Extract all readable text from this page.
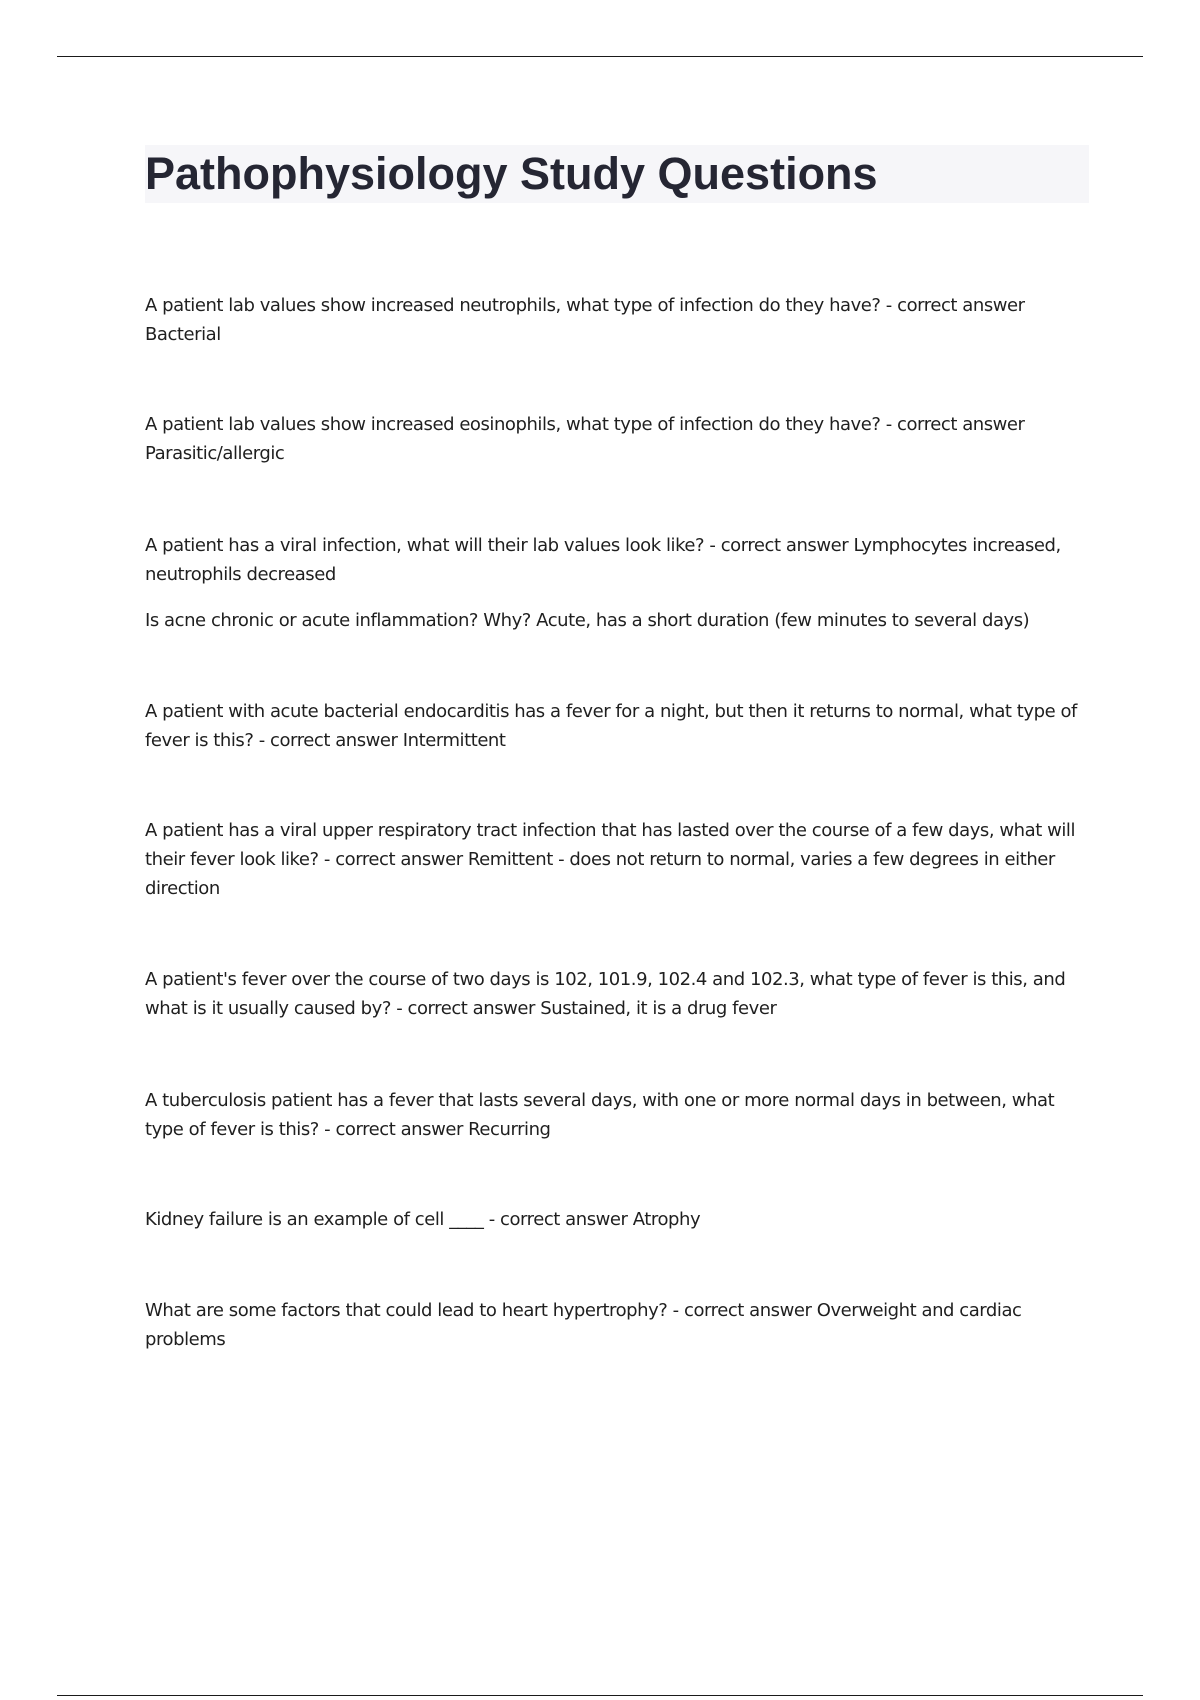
Pathophysiology Study Questions

A patient lab values show increased neutrophils, what type of infection do they have? - correct answer Bacterial

A patient lab values show increased eosinophils, what type of infection do they have? - correct answer Parasitic/allergic

A patient has a viral infection, what will their lab values look like? - correct answer Lymphocytes increased, neutrophils decreased

Is acne chronic or acute inflammation? Why? Acute, has a short duration (few minutes to several days)

A patient with acute bacterial endocarditis has a fever for a night, but then it returns to normal, what type of fever is this? - correct answer Intermittent

A patient has a viral upper respiratory tract infection that has lasted over the course of a few days, what will their fever look like? - correct answer Remittent - does not return to normal, varies a few degrees in either direction

A patient's fever over the course of two days is 102, 101.9, 102.4 and 102.3, what type of fever is this, and what is it usually caused by? - correct answer Sustained, it is a drug fever

A tuberculosis patient has a fever that lasts several days, with one or more normal days in between, what type of fever is this? - correct answer Recurring

Kidney failure is an example of cell ____ - correct answer Atrophy

What are some factors that could lead to heart hypertrophy? - correct answer Overweight and cardiac problems
